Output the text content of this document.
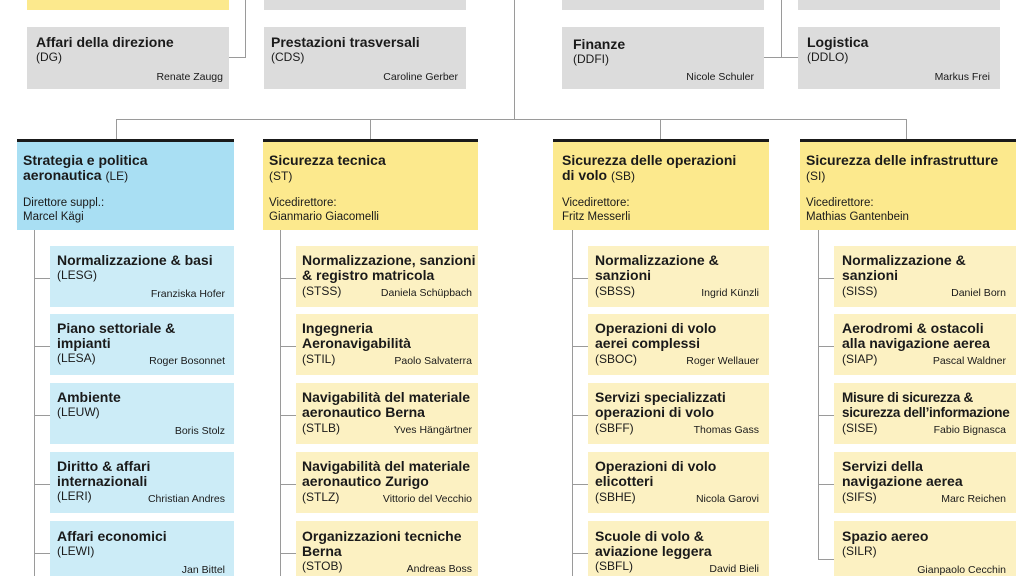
Affari della direzione
(DG)
Renate Zaugg
Prestazioni trasversali
(CDS)
Caroline Gerber
Finanze
(DDFI)
Nicole Schuler
Logistica
(DDLO)
Markus Frei
Strategia e politica
aeronautica (LE)
Direttore suppl.:
Marcel Kägi
Sicurezza tecnica
(ST)
Vicedirettore:
Gianmario Giacomelli
Sicurezza delle operazioni
di volo (SB)
Vicedirettore:
Fritz Messerli
Sicurezza delle infrastrutture
(SI)
Vicedirettore:
Mathias Gantenbein
Normalizzazione & basi
(LESG)
Franziska Hofer
Piano settoriale &
impianti
(LESA)	Roger Bosonnet
Ambiente
(LEUW)
Boris Stolz
Diritto & affari
internazionali
(LERI)	Christian Andres
Affari economici
(LEWI)
Jan Bittel
Normalizzazione, sanzioni
& registro matricola
(STSS)	Daniela Schüpbach
Ingegneria
Aeronavigabilità
(STIL)	Paolo Salvaterra
Navigabilità del materiale
aeronautico Berna
(STLB)	Yves Hängärtner
Navigabilità del materiale
aeronautico Zurigo
(STLZ)	Vittorio del Vecchio
Organizzazioni tecniche
Berna
(STOB)	Andreas Boss
Normalizzazione &
sanzioni
(SBSS)	Ingrid Künzli
Operazioni di volo
aerei complessi
(SBOC)	Roger Wellauer
Servizi specializzati
operazioni di volo
(SBFF)	Thomas Gass
Operazioni di volo
elicotteri
(SBHE)	Nicola Garovi
Scuole di volo &
aviazione leggera
(SBFL)	David Bieli
Normalizzazione &
sanzioni
(SISS)	Daniel Born
Aerodromi & ostacoli
alla navigazione aerea
(SIAP)	Pascal Waldner
Misure di sicurezza &
sicurezza dell’informazione
(SISE)	Fabio Bignasca
Servizi della
navigazione aerea
(SIFS)	Marc Reichen
Spazio aereo
(SILR)
Gianpaolo Cecchin
